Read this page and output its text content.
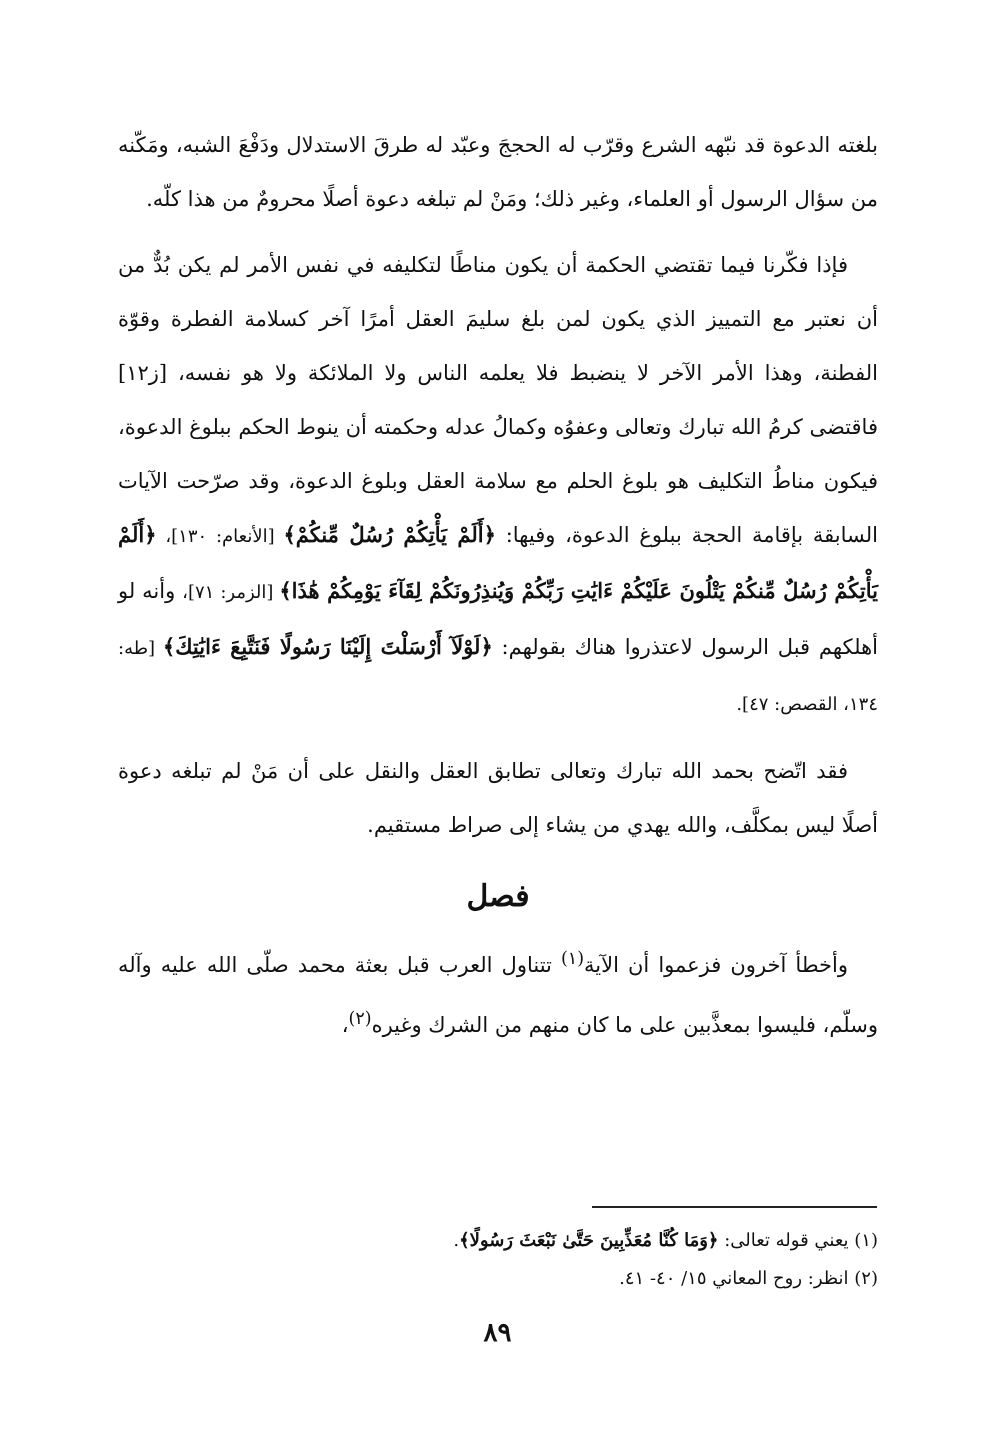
بلغته الدعوة قد نبّهه الشرع وقرّب له الحججَ وعبّد له طرقَ الاستدلال ودَفْعَ الشبه، ومَكّنه من سؤال الرسول أو العلماء، وغير ذلك؛ ومَنْ لم تبلغه دعوة أصلًا محرومٌ من هذا كلّه.

فإذا فكّرنا فيما تقتضي الحكمة أن يكون مناطًا لتكليفه في نفس الأمر لم يكن بُدٌّ من أن نعتبر مع التمييز الذي يكون لمن بلغ سليمَ العقل أمرًا آخر كسلامة الفطرة وقوّة الفطنة، وهذا الأمر الآخر لا ينضبط فلا يعلمه الناس ولا الملائكة ولا هو نفسه، [ز١٢] فاقتضى كرمُ الله تبارك وتعالى وعفوُه وكمالُ عدله وحكمته أن ينوط الحكم ببلوغ الدعوة، فيكون مناطُ التكليف هو بلوغ الحلم مع سلامة العقل وبلوغ الدعوة، وقد صرّحت الآيات السابقة بإقامة الحجة ببلوغ الدعوة، وفيها: ﴿أَلَمْ يَأْتِكُمْ رُسُلٌ مِّنكُمْ﴾ [الأنعام: ١٣٠]، ﴿أَلَمْ يَأْتِكُمْ رُسُلٌ مِّنكُمْ يَتْلُونَ عَلَيْكُمْ ءَايَٰتِ رَبِّكُمْ وَيُنذِرُونَكُمْ لِقَآءَ يَوْمِكُمْ هَٰذَا﴾ [الزمر: ٧١]، وأنه لو أهلكهم قبل الرسول لاعتذروا هناك بقولهم: ﴿لَوْلَآ أَرْسَلْتَ إِلَيْنَا رَسُولًا فَنَتَّبِعَ ءَايَٰتِكَ﴾ [طه: ١٣٤، القصص: ٤٧].

فقد اتّضح بحمد الله تبارك وتعالى تطابق العقل والنقل على أن مَنْ لم تبلغه دعوة أصلًا ليس بمكلَّف، والله يهدي من يشاء إلى صراط مستقيم.

فصل

وأخطأ آخرون فزعموا أن الآية$^{(١)}$ تتناول العرب قبل بعثة محمد صلّى الله عليه وآله وسلّم، فليسوا بمعذَّبين على ما كان منهم من الشرك وغيره$^{(٢)}$،

(١) يعني قوله تعالى: ﴿وَمَا كُنَّا مُعَذِّبِينَ حَتَّىٰ نَبْعَثَ رَسُولًا﴾.

(٢) انظر: روح المعاني ١٥/ ٤٠- ٤١.

٨٩
